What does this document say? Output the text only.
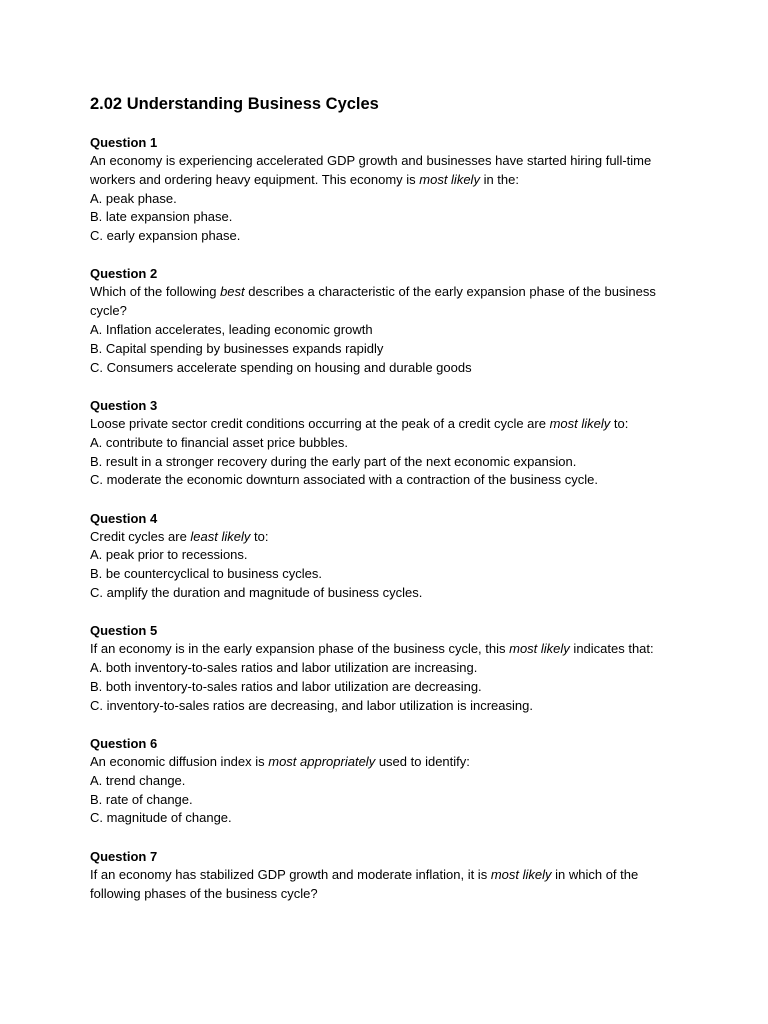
2.02 Understanding Business Cycles
Question 1
An economy is experiencing accelerated GDP growth and businesses have started hiring full-time workers and ordering heavy equipment. This economy is most likely in the:
A. peak phase.
B. late expansion phase.
C. early expansion phase.
Question 2
Which of the following best describes a characteristic of the early expansion phase of the business cycle?
A. Inflation accelerates, leading economic growth
B. Capital spending by businesses expands rapidly
C. Consumers accelerate spending on housing and durable goods
Question 3
Loose private sector credit conditions occurring at the peak of a credit cycle are most likely to:
A. contribute to financial asset price bubbles.
B. result in a stronger recovery during the early part of the next economic expansion.
C. moderate the economic downturn associated with a contraction of the business cycle.
Question 4
Credit cycles are least likely to:
A. peak prior to recessions.
B. be countercyclical to business cycles.
C. amplify the duration and magnitude of business cycles.
Question 5
If an economy is in the early expansion phase of the business cycle, this most likely indicates that:
A. both inventory-to-sales ratios and labor utilization are increasing.
B. both inventory-to-sales ratios and labor utilization are decreasing.
C. inventory-to-sales ratios are decreasing, and labor utilization is increasing.
Question 6
An economic diffusion index is most appropriately used to identify:
A. trend change.
B. rate of change.
C. magnitude of change.
Question 7
If an economy has stabilized GDP growth and moderate inflation, it is most likely in which of the following phases of the business cycle?
